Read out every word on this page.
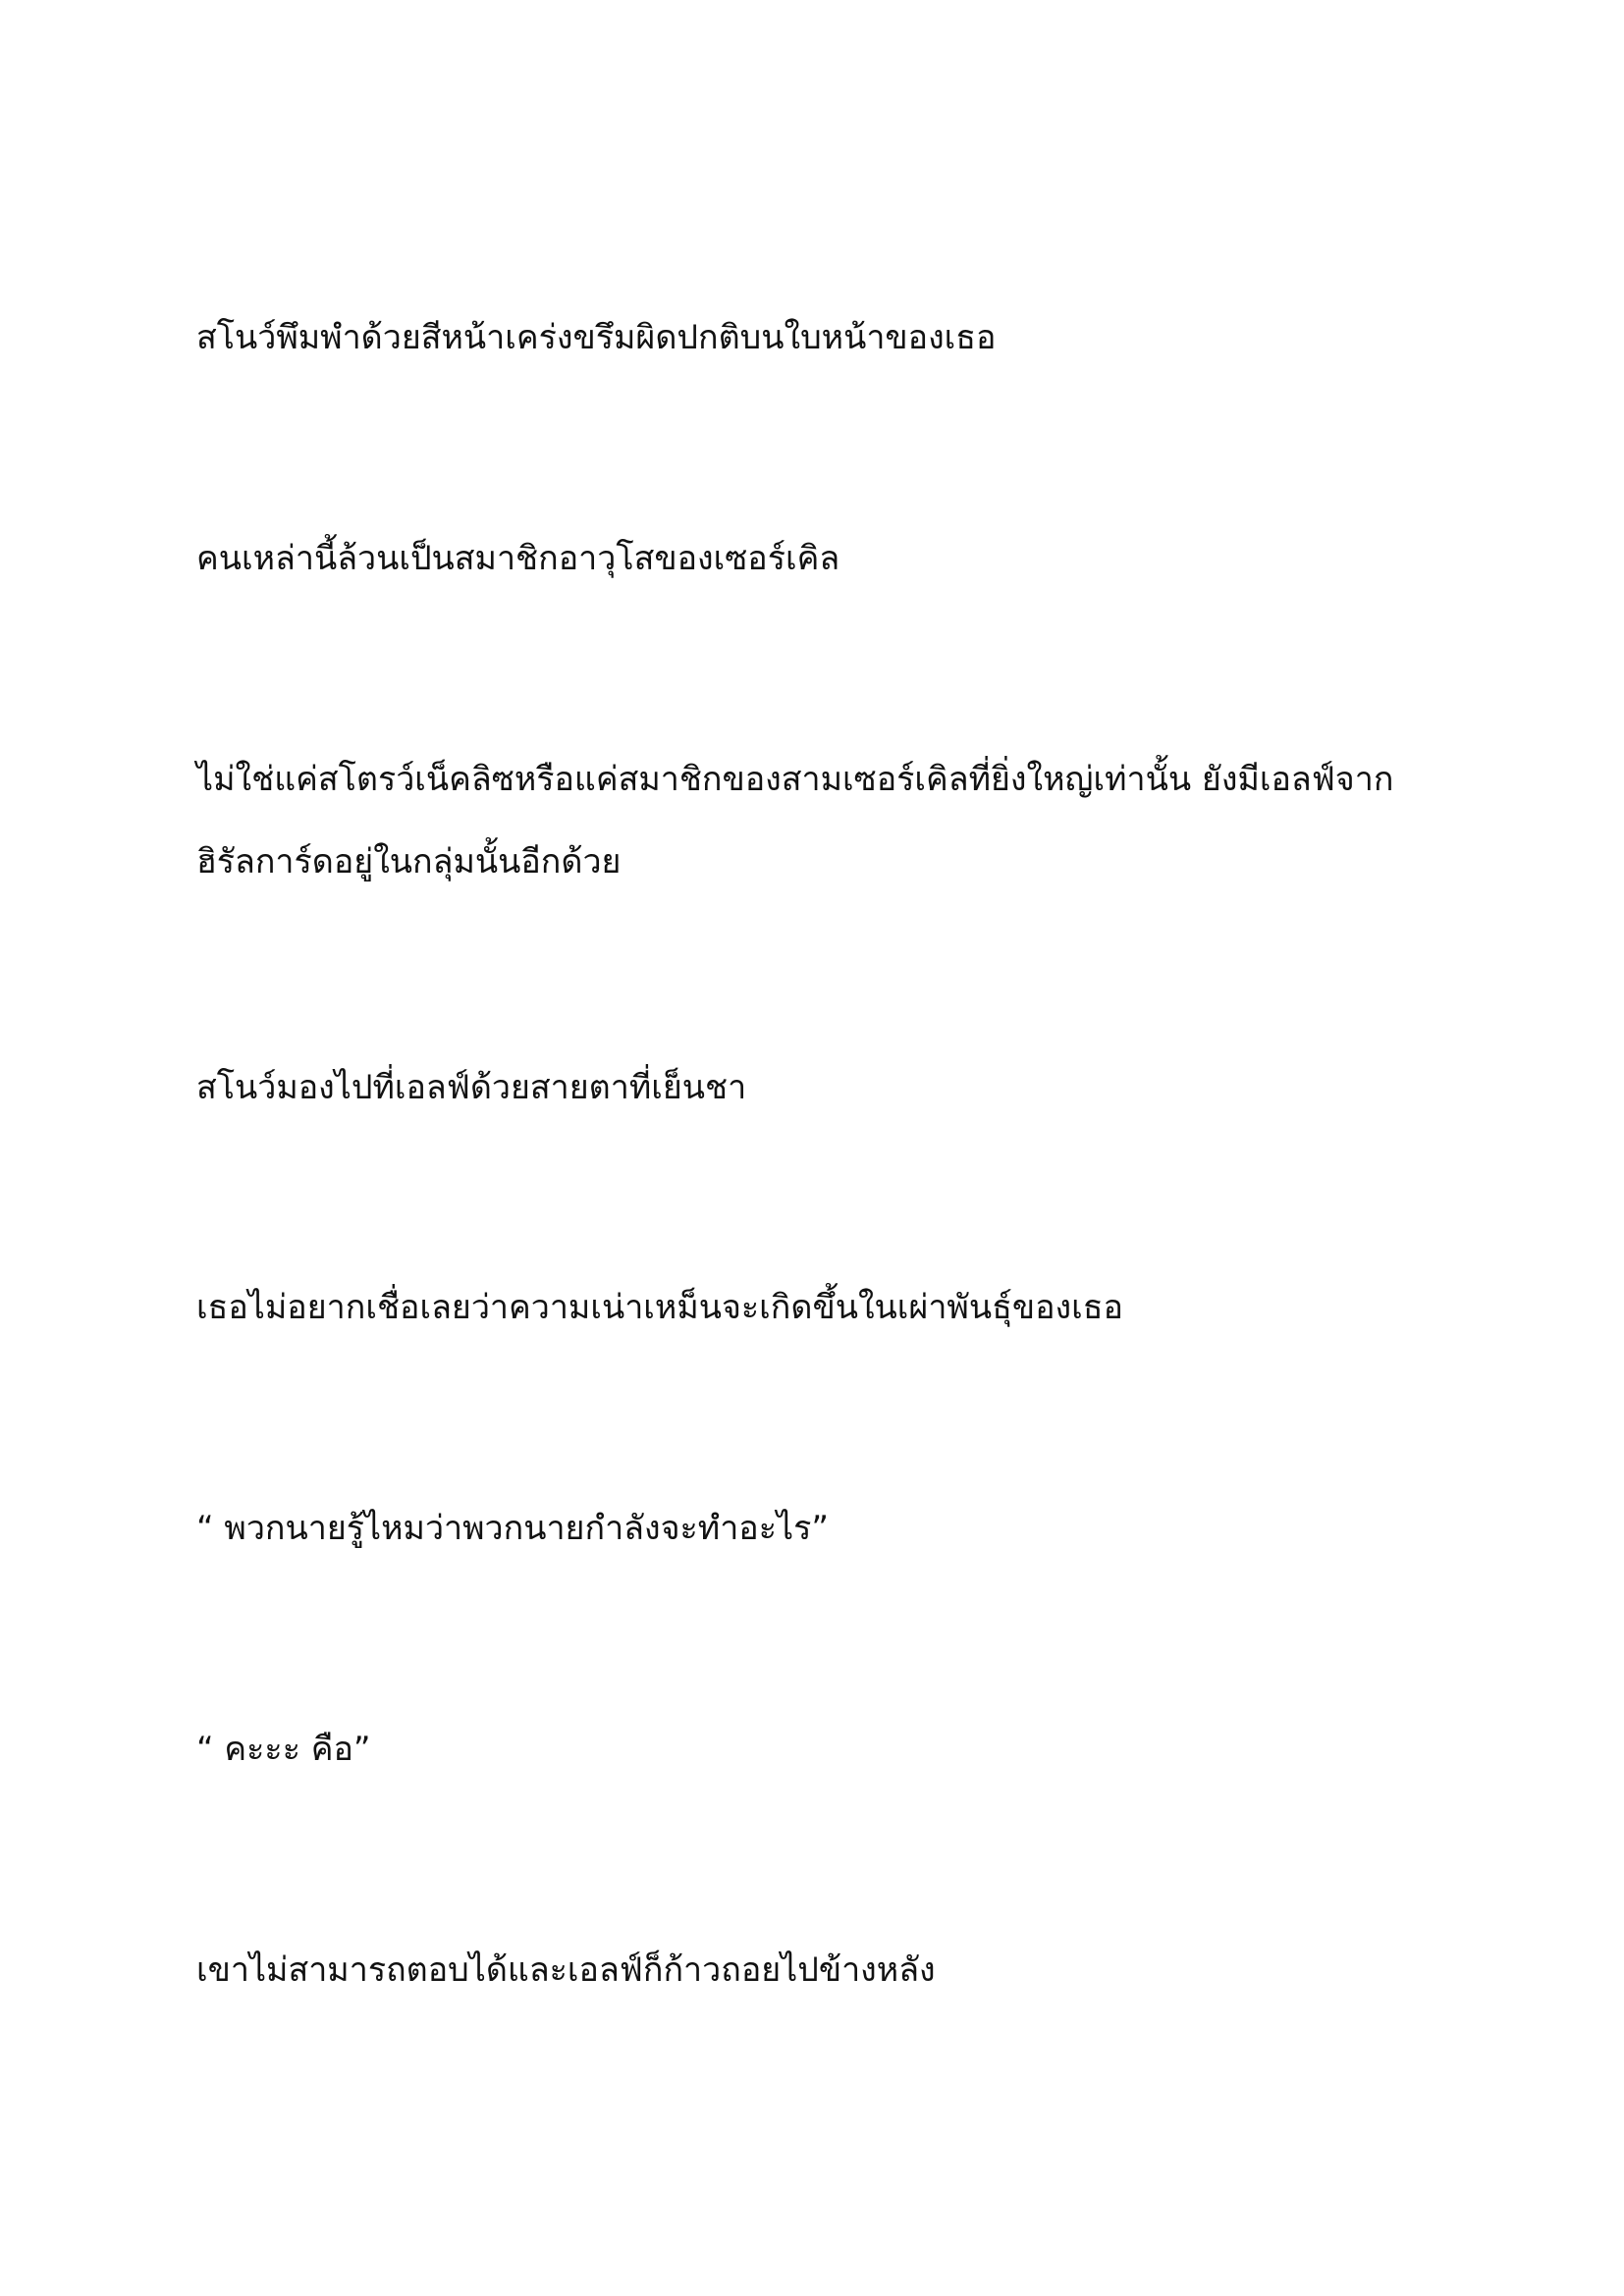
สโนว์พึมพำด้วยสีหน้าเคร่งขรึมผิดปกติบนใบหน้าของเธอ

คนเหล่านี้ล้วนเป็นสมาชิกอาวุโสของเซอร์เคิล

ไม่ใช่แค่สโตรว์เน็คลิซหรือแค่สมาชิกของสามเซอร์เคิลที่ยิ่งใหญ่เท่านั้น ยังมีเอลฟ์จาก

ฮิรัลการ์ดอยู่ในกลุ่มนั้นอีกด้วย

สโนว์มองไปที่เอลฟ์ด้วยสายตาที่เย็นชา

เธอไม่อยากเชื่อเลยว่าความเน่าเหม็นจะเกิดขึ้นในเผ่าพันธุ์ของเธอ

“ พวกนายรู้ไหมว่าพวกนายกำลังจะทำอะไร”

“ คะะะ คือ”

เขาไม่สามารถตอบได้และเอลฟ์ก็ก้าวถอยไปข้างหลัง
